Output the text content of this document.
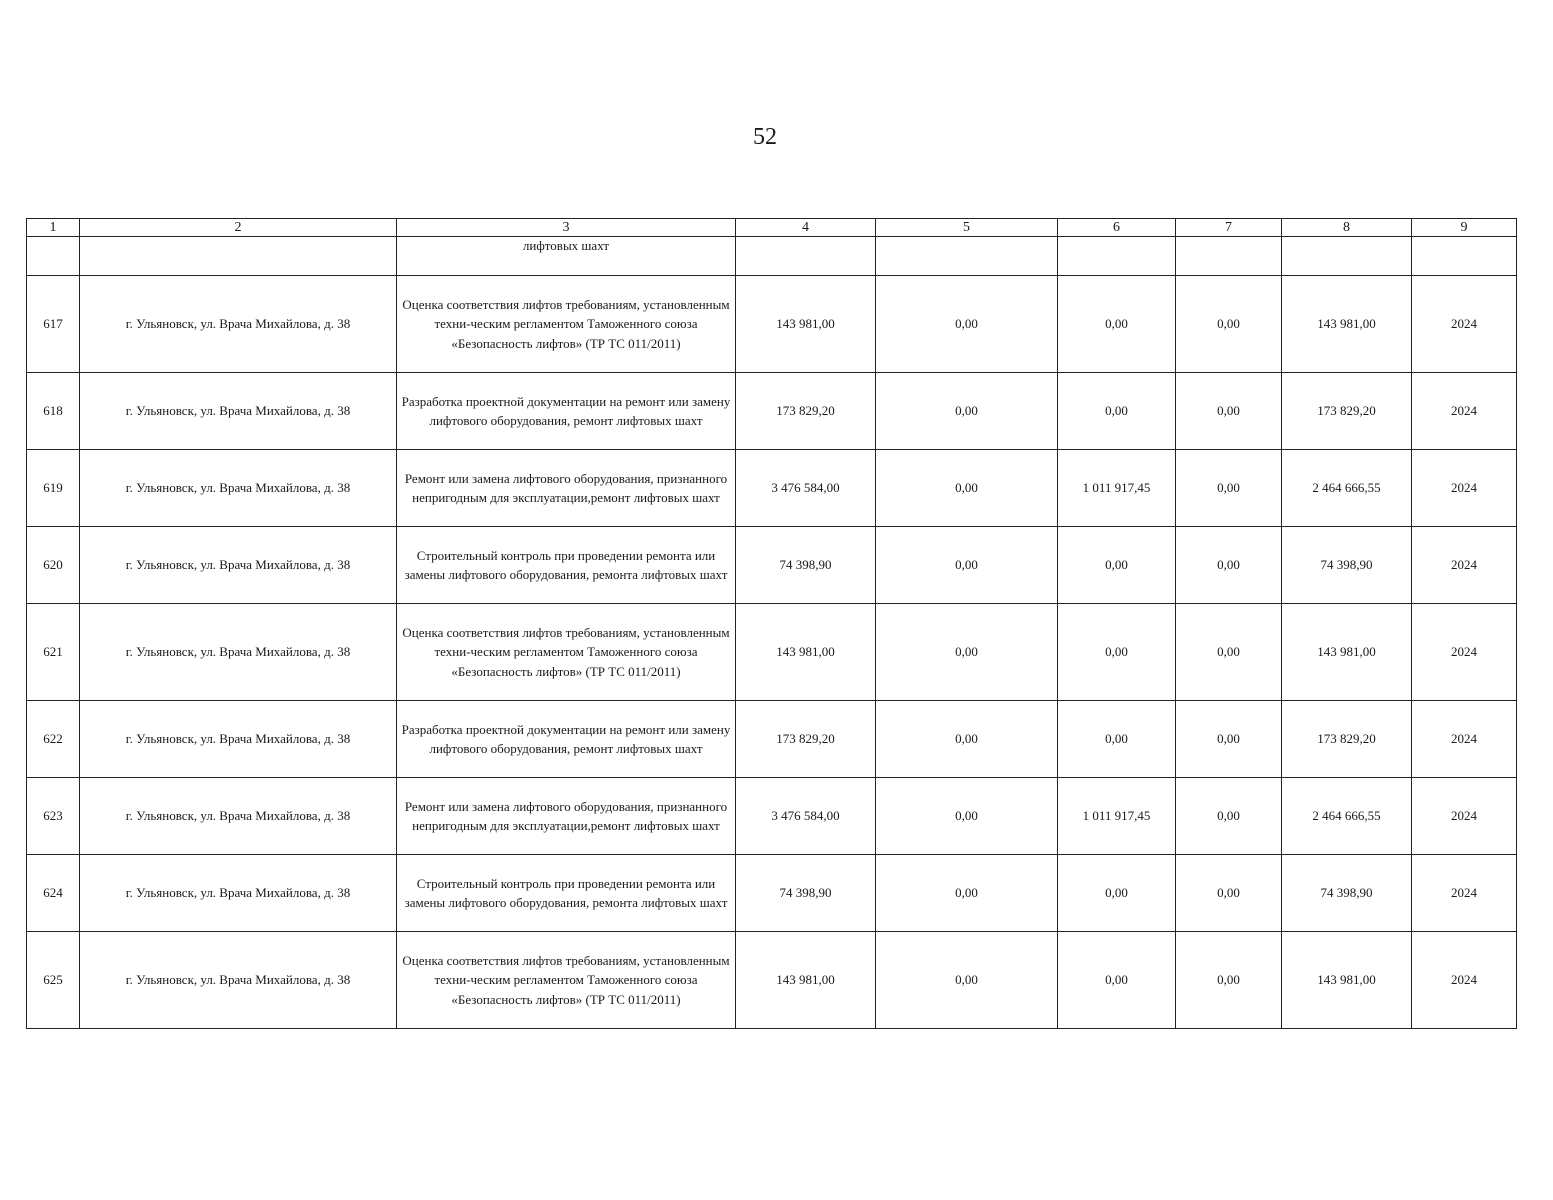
52
1	2	3	4	5	6	7	8	9
		лифтовых шахт						
617	г. Ульяновск, ул. Врача Михайлова, д. 38	Оценка соответствия лифтов требованиям, установленным техни-ческим регламентом Таможенного союза «Безопасность лифтов» (ТР ТС 011/2011)	143 981,00	0,00	0,00	0,00	143 981,00	2024
618	г. Ульяновск, ул. Врача Михайлова, д. 38	Разработка проектной документации на ремонт или замену лифтового оборудования, ремонт лифтовых шахт	173 829,20	0,00	0,00	0,00	173 829,20	2024
619	г. Ульяновск, ул. Врача Михайлова, д. 38	Ремонт или замена лифтового оборудования, признанного непригодным для эксплуатации,ремонт лифтовых шахт	3 476 584,00	0,00	1 011 917,45	0,00	2 464 666,55	2024
620	г. Ульяновск, ул. Врача Михайлова, д. 38	Строительный контроль при проведении ремонта или замены лифтового оборудования, ремонта лифтовых шахт	74 398,90	0,00	0,00	0,00	74 398,90	2024
621	г. Ульяновск, ул. Врача Михайлова, д. 38	Оценка соответствия лифтов требованиям, установленным техни-ческим регламентом Таможенного союза «Безопасность лифтов» (ТР ТС 011/2011)	143 981,00	0,00	0,00	0,00	143 981,00	2024
622	г. Ульяновск, ул. Врача Михайлова, д. 38	Разработка проектной документации на ремонт или замену лифтового оборудования, ремонт лифтовых шахт	173 829,20	0,00	0,00	0,00	173 829,20	2024
623	г. Ульяновск, ул. Врача Михайлова, д. 38	Ремонт или замена лифтового оборудования, признанного непригодным для эксплуатации,ремонт лифтовых шахт	3 476 584,00	0,00	1 011 917,45	0,00	2 464 666,55	2024
624	г. Ульяновск, ул. Врача Михайлова, д. 38	Строительный контроль при проведении ремонта или замены лифтового оборудования, ремонта лифтовых шахт	74 398,90	0,00	0,00	0,00	74 398,90	2024
625	г. Ульяновск, ул. Врача Михайлова, д. 38	Оценка соответствия лифтов требованиям, установленным техни-ческим регламентом Таможенного союза «Безопасность лифтов» (ТР ТС 011/2011)	143 981,00	0,00	0,00	0,00	143 981,00	2024
